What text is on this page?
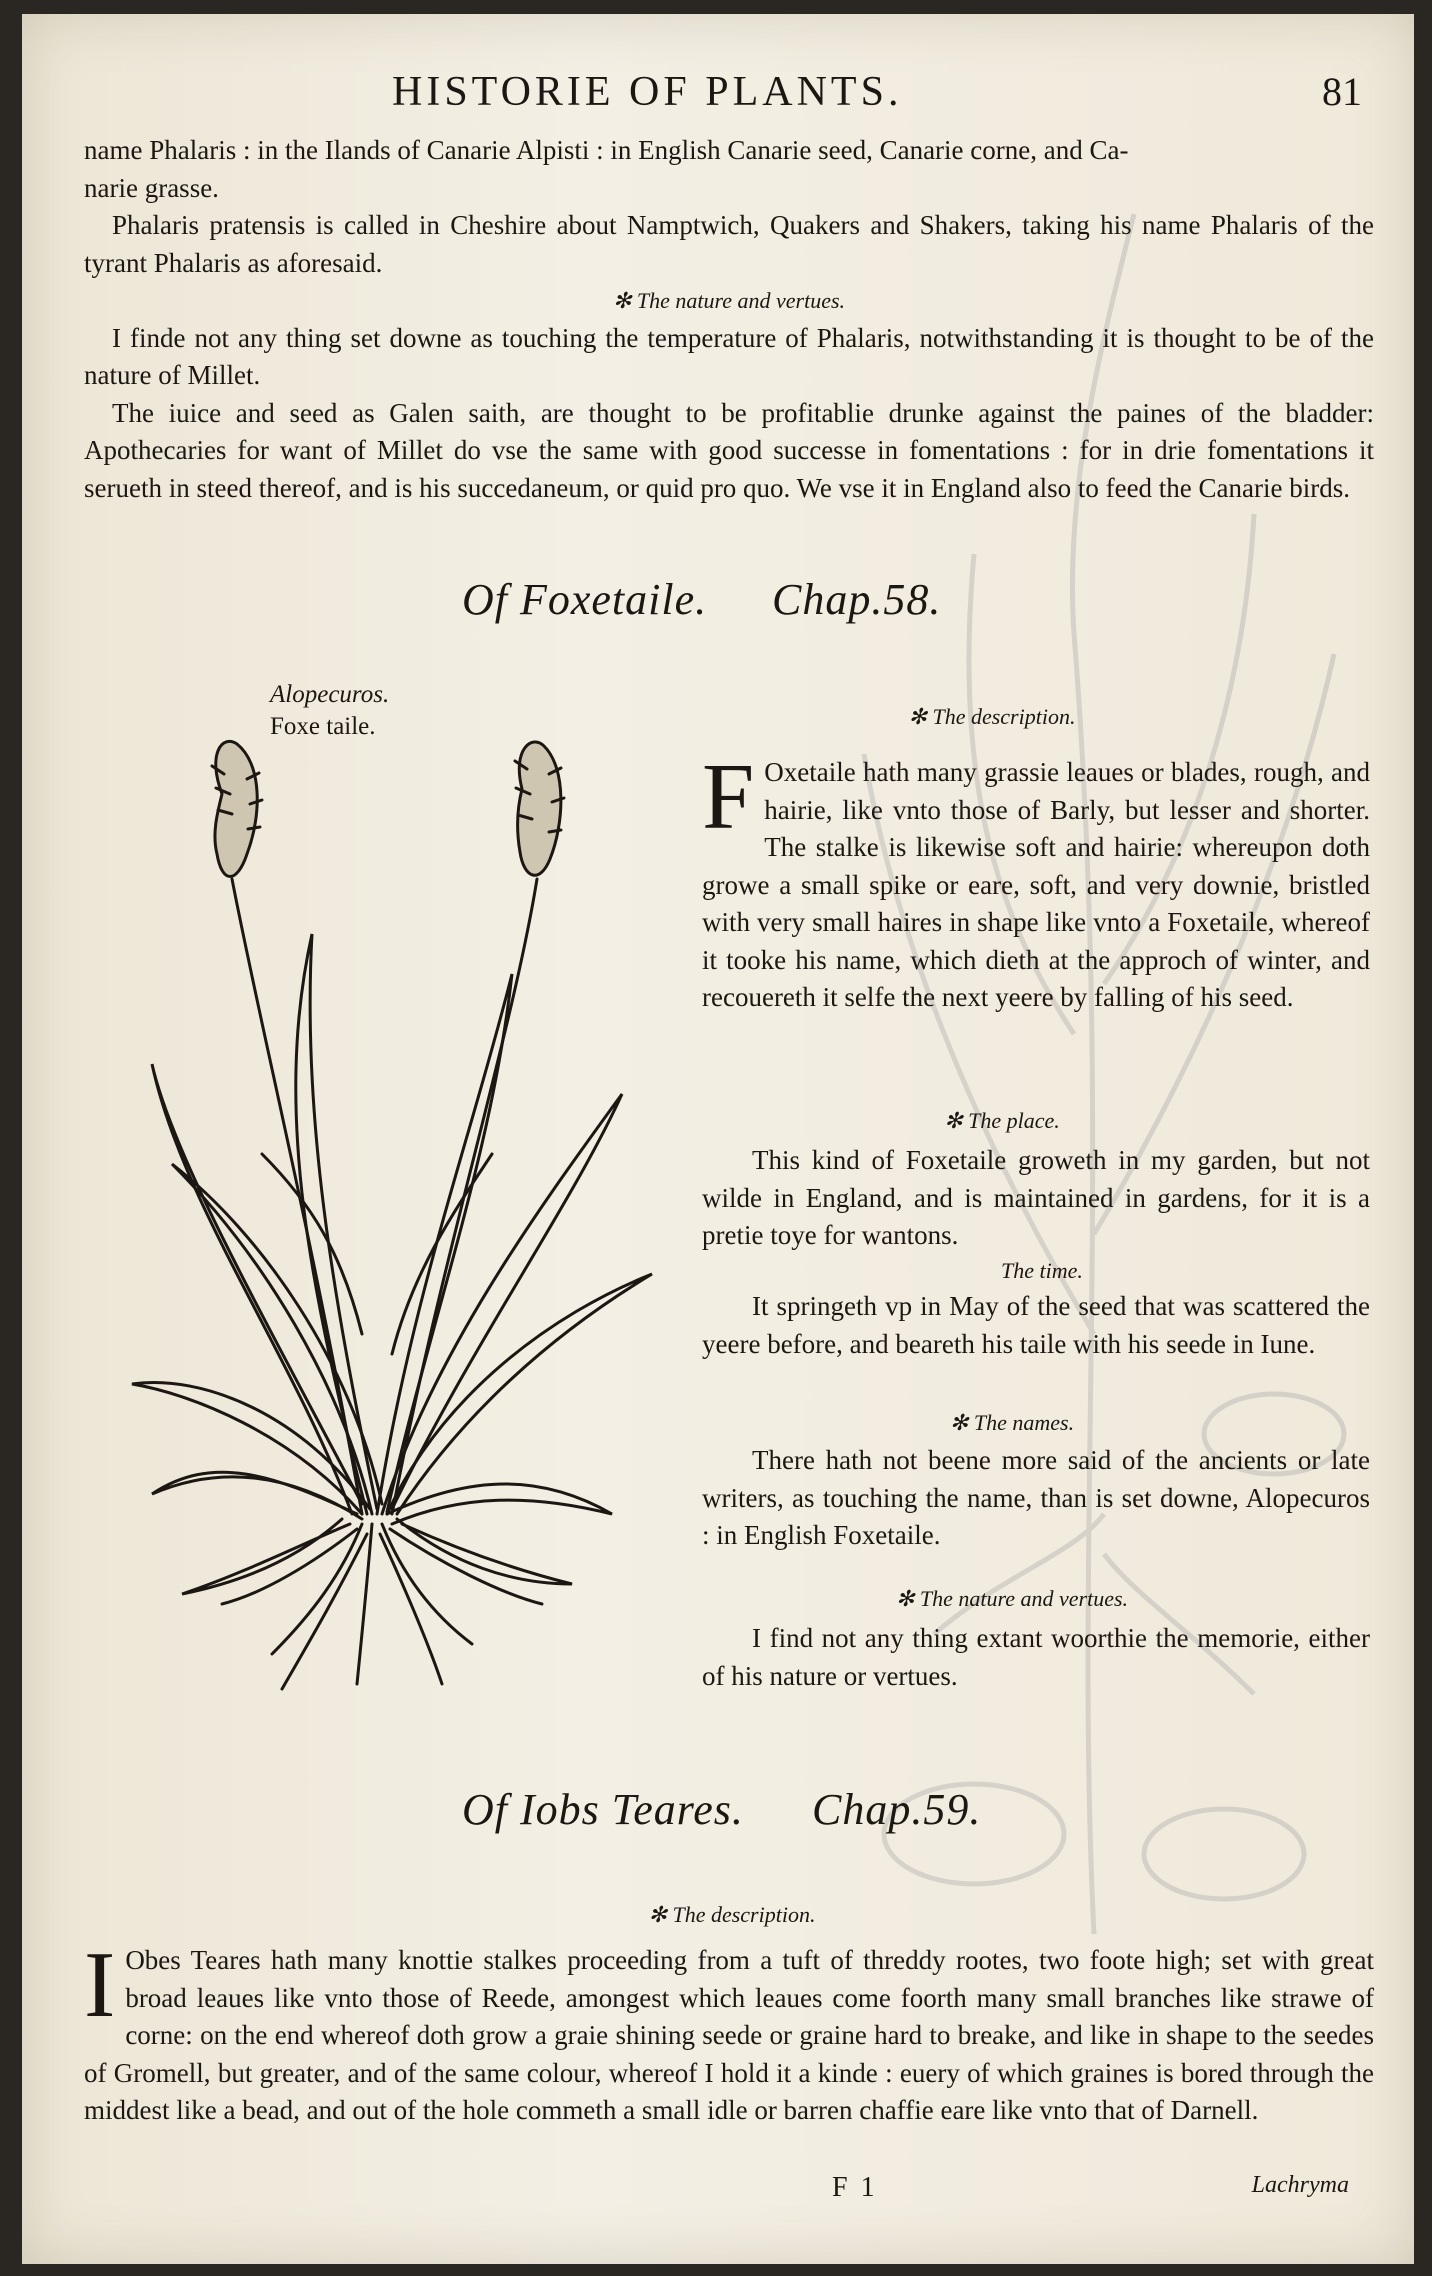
HISTORIE OF PLANTS.	81

name Phalaris : in the Ilands of Canarie Alpisti : in English Canarie seed, Canarie corne, and Ca-

narie grasse.

Phalaris pratensis is called in Cheshire about Namptwich, Quakers and Shakers, taking his name Phalaris of the tyrant Phalaris as aforesaid.

✻ The nature and vertues.

I finde not any thing set downe as touching the temperature of Phalaris, notwithstanding it is thought to be of the nature of Millet.

The iuice and seed as Galen saith, are thought to be profitablie drunke against the paines of the bladder: Apothecaries for want of Millet do vse the same with good successe in fomentations : for in drie fomentations it serueth in steed thereof, and is his succedaneum, or quid pro quo. We vse it in England also to feed the Canarie birds.

Of Foxetaile. Chap.58.
Alopecuros.
Foxe taile.	✻ The description.

F Oxetaile hath many grassie leaues or blades, rough, and hairie, like vnto those of Barly, but lesser and shorter. The stalke is likewise soft and hairie: whereupon doth growe a small spike or eare, soft, and very downie, bristled with very small haires in shape like vnto a Foxetaile, whereof it tooke his name, which dieth at the approch of winter, and recouereth it selfe the next yeere by falling of his seed.

✻ The place.

This kind of Foxetaile groweth in my garden, but not wilde in England, and is maintained in gardens, for it is a pretie toye for wantons.

The time.

It springeth vp in May of the seed that was scattered the yeere before, and beareth his taile with his seede in Iune.

✻ The names.

There hath not beene more said of the ancients or late writers, as touching the name, than is set downe, Alopecuros : in English Foxetaile.

✻ The nature and vertues.

I find not any thing extant woorthie the memorie, either of his nature or vertues.

Of Iobs Teares. Chap.59.
✻ The description.

I Obes Teares hath many knottie stalkes proceeding from a tuft of threddy rootes, two foote high; set with great broad leaues like vnto those of Reede, amongest which leaues come foorth many small branches like strawe of corne: on the end whereof doth grow a graie shining seede or graine hard to breake, and like in shape to the seedes of Gromell, but greater, and of the same colour, whereof I hold it a kinde : euery of which graines is bored through the middest like a bead, and out of the hole commeth a small idle or barren chaffie eare like vnto that of Darnell.

F 1	Lachryma
